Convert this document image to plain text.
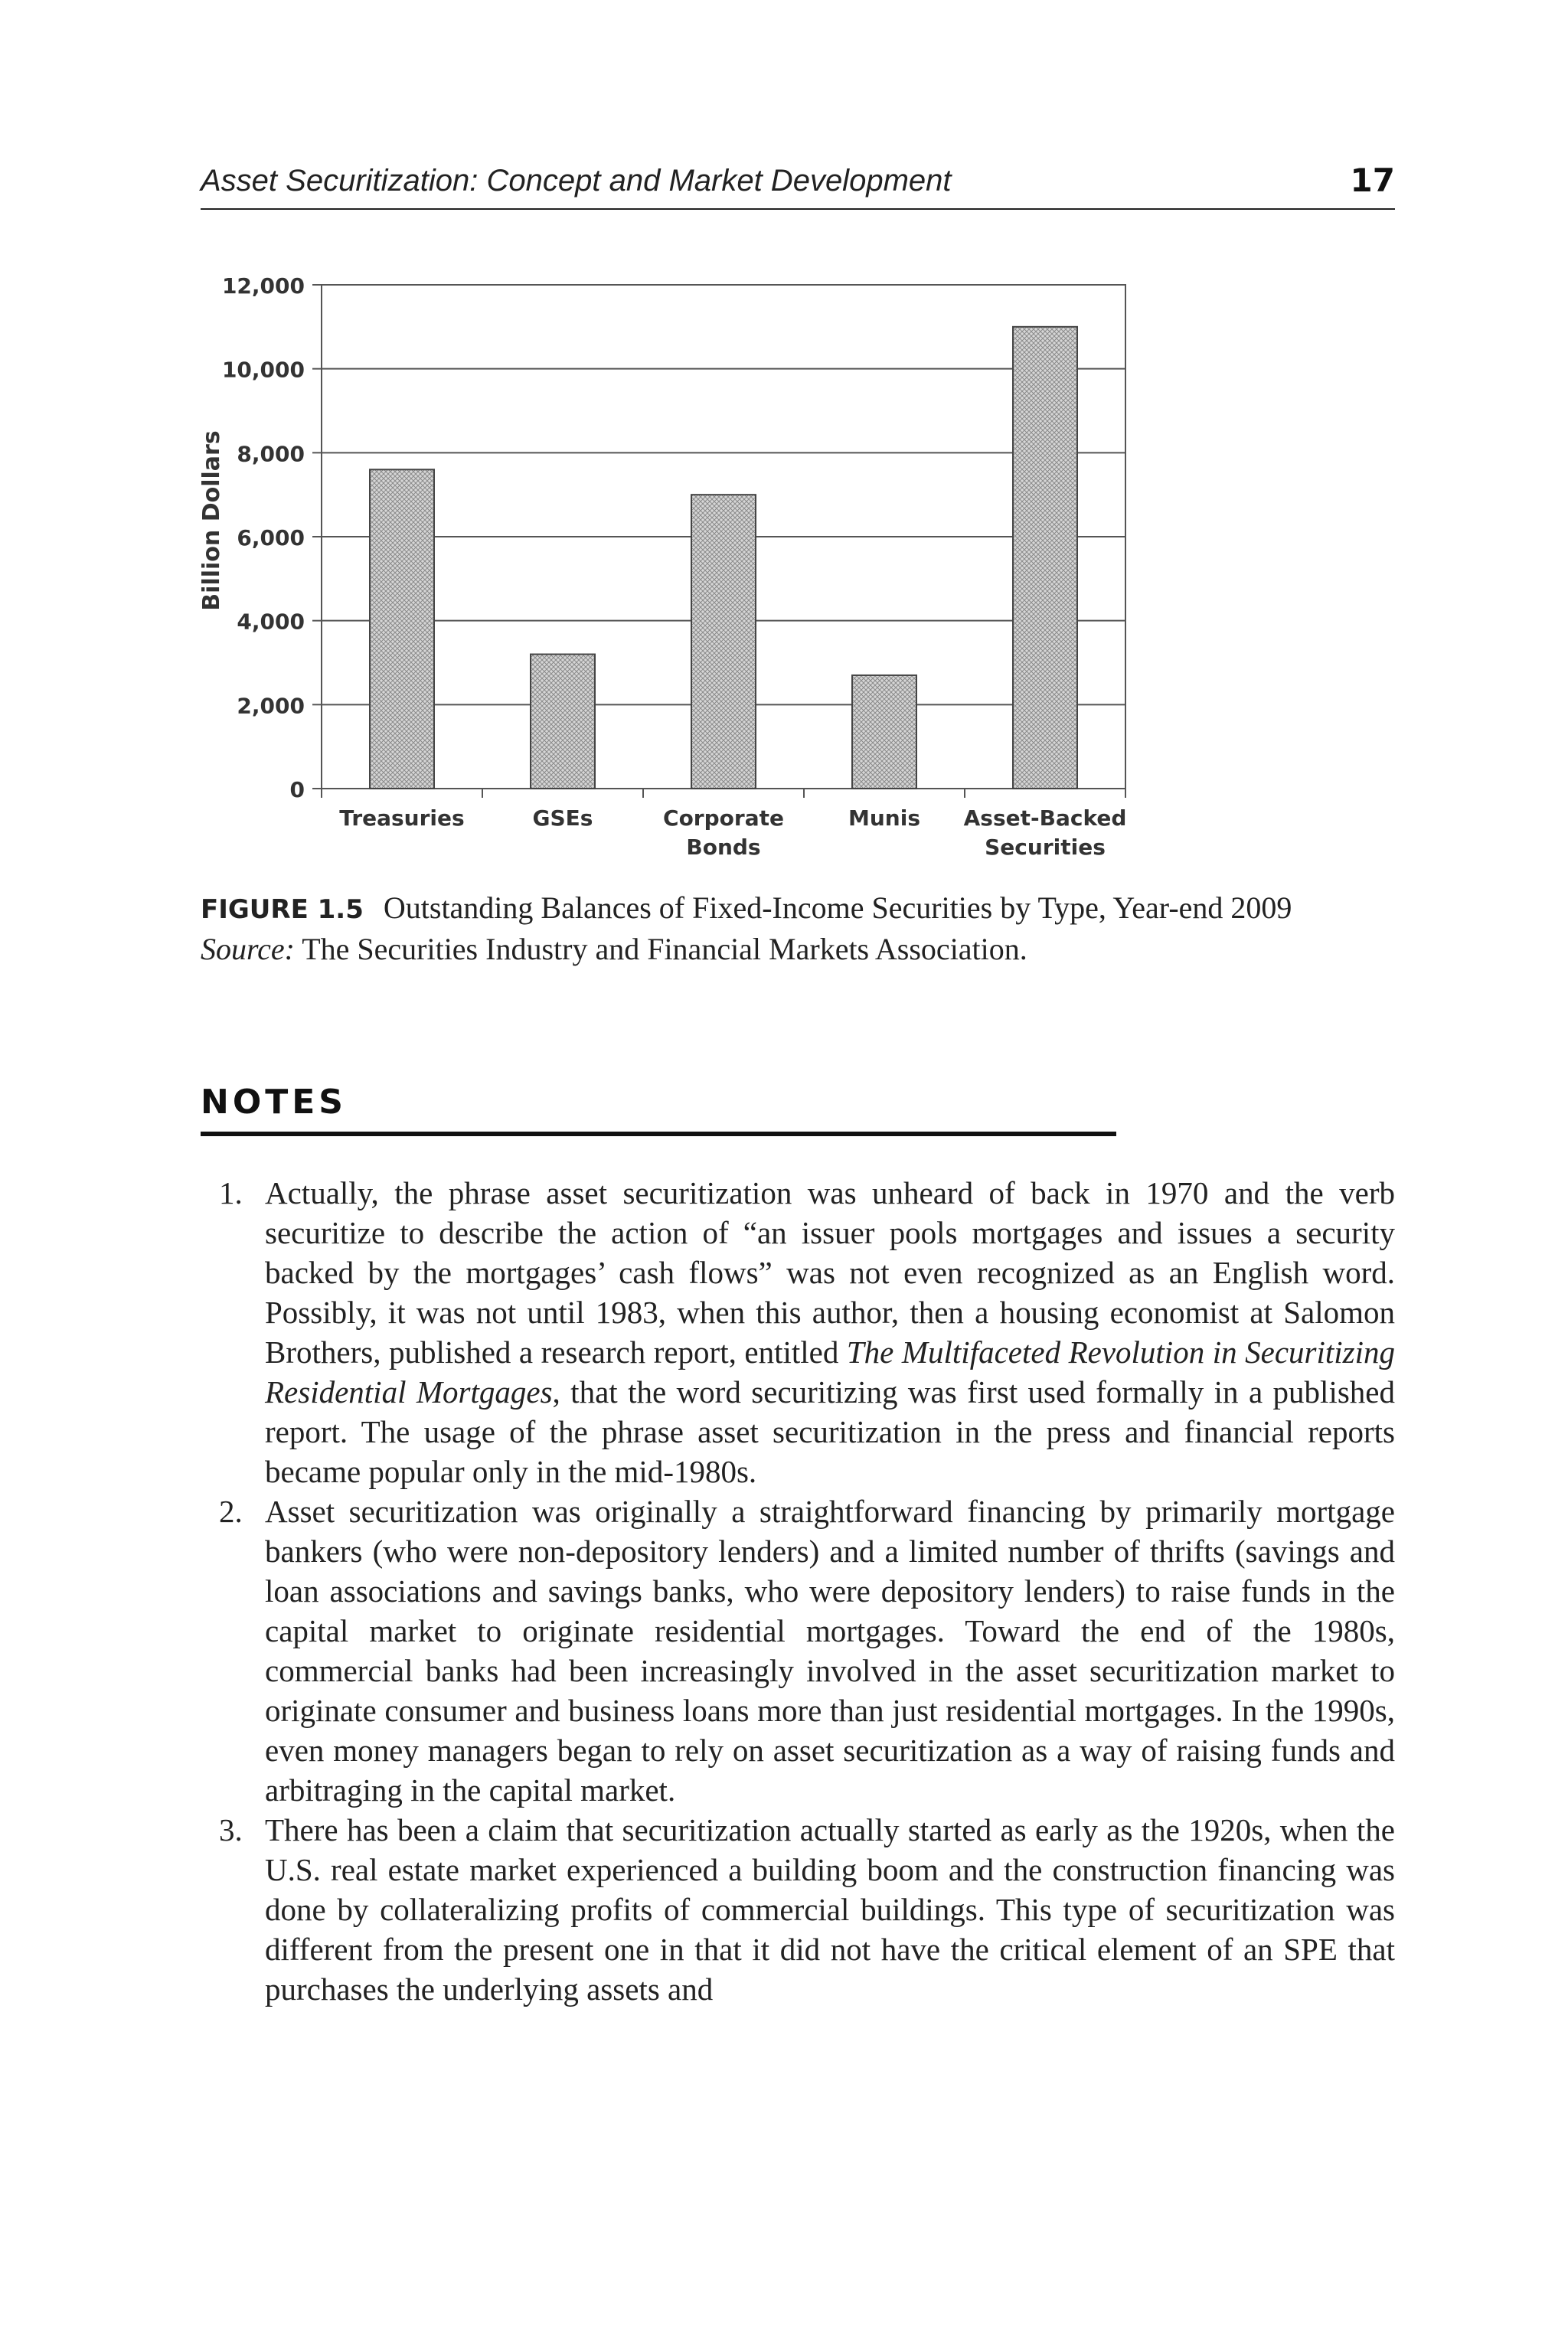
Asset Securitization: Concept and Market Development	17
0
2,000
4,000
6,000
8,000
10,000
12,000
Treasuries	GSEs	Corporate
Bonds
Munis Asset-Backed
Securities
Billion Dollars
FIGURE 1.5 Outstanding Balances of Fixed-Income Securities by Type, Year-end 2009
Source: The Securities Industry and Financial Markets Association.
NOTES
1. Actually, the phrase asset securitization was unheard of back in 1970 and the verb securitize to describe the action of “an issuer pools mortgages and issues a security backed by the mortgages’ cash flows” was not even recognized as an English word. Possibly, it was not until 1983, when this author, then a housing economist at Salomon Brothers, published a research report, entitled The Multifaceted Revolution in Securitizing Residential Mortgages, that the word securitizing was first used formally in a published report. The usage of the phrase asset securitization in the press and financial reports became popular only in the mid-1980s.
2. Asset securitization was originally a straightforward financing by primarily mortgage bankers (who were non-depository lenders) and a limited number of thrifts (savings and loan associations and savings banks, who were depository lenders) to raise funds in the capital market to originate residential mortgages. Toward the end of the 1980s, commercial banks had been increasingly involved in the asset securitization market to originate consumer and business loans more than just residential mortgages. In the 1990s, even money managers began to rely on asset securitization as a way of raising funds and arbitraging in the capital market.
3. There has been a claim that securitization actually started as early as the 1920s, when the U.S. real estate market experienced a building boom and the construction financing was done by collateralizing profits of commercial buildings. This type of securitization was different from the present one in that it did not have the critical element of an SPE that purchases the underlying assets and
